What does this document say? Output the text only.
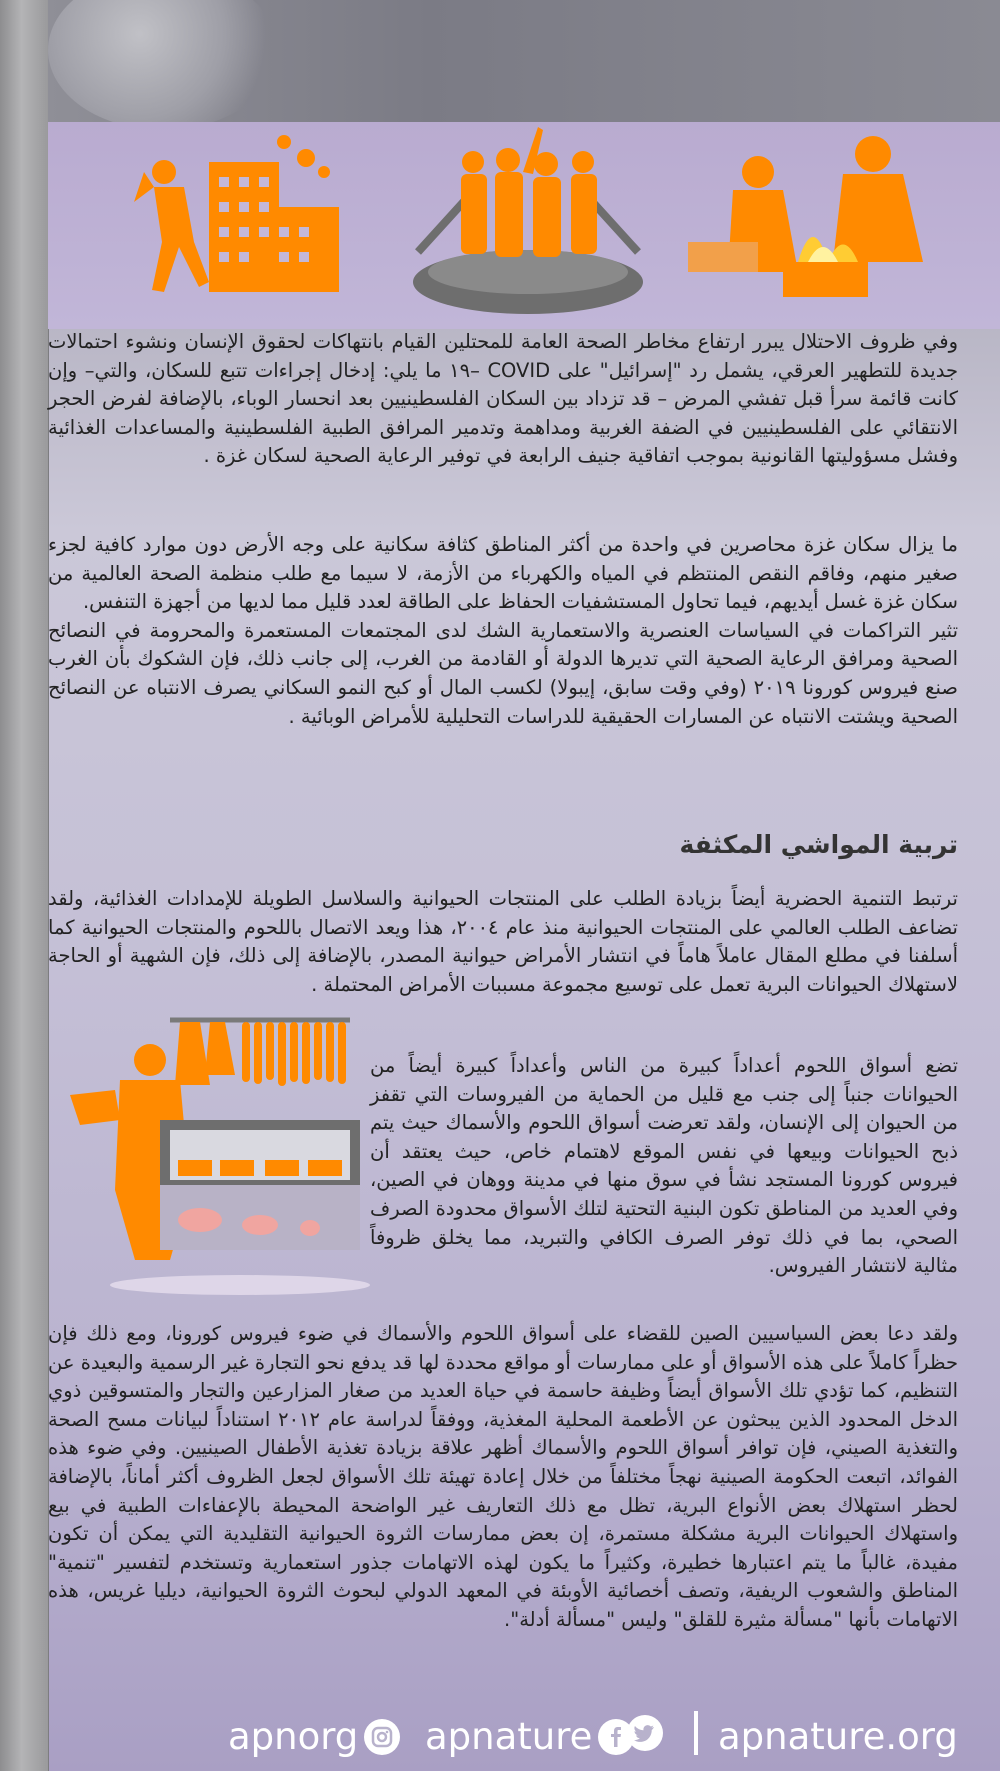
وفي ظروف الاحتلال يبرر ارتفاع مخاطر الصحة العامة للمحتلين القيام بانتهاكات لحقوق الإنسان ونشوء احتمالات جديدة للتطهير العرقي، يشمل رد "إسرائيل" على COVID –١٩ ما يلي: إدخال إجراءات تتبع للسكان، والتي– وإن كانت قائمة سرأ قبل تفشي المرض – قد تزداد بين السكان الفلسطينيين بعد انحسار الوباء، بالإضافة لفرض الحجر الانتقائي على الفلسطينيين في الضفة الغربية ومداهمة وتدمير المرافق الطبية الفلسطينية والمساعدات الغذائية وفشل مسؤوليتها القانونية بموجب اتفاقية جنيف الرابعة في توفير الرعاية الصحية لسكان غزة .

ما يزال سكان غزة محاصرين في واحدة من أكثر المناطق كثافة سكانية على وجه الأرض دون موارد كافية لجزء صغير منهم، وفاقم النقص المنتظم في المياه والكهرباء من الأزمة، لا سيما مع طلب منظمة الصحة العالمية من سكان غزة غسل أيديهم، فيما تحاول المستشفيات الحفاظ على الطاقة لعدد قليل مما لديها من أجهزة التنفس.

تثير التراكمات في السياسات العنصرية والاستعمارية الشك لدى المجتمعات المستعمرة والمحرومة في النصائح الصحية ومرافق الرعاية الصحية التي تديرها الدولة أو القادمة من الغرب، إلى جانب ذلك، فإن الشكوك بأن الغرب صنع فيروس كورونا ٢٠١٩ (وفي وقت سابق، إيبولا) لكسب المال أو كبح النمو السكاني يصرف الانتباه عن النصائح الصحية ويشتت الانتباه عن المسارات الحقيقية للدراسات التحليلية للأمراض الوبائية .

تربية المواشي المكثفة

ترتبط التنمية الحضرية أيضاً بزيادة الطلب على المنتجات الحيوانية والسلاسل الطويلة للإمدادات الغذائية، ولقد تضاعف الطلب العالمي على المنتجات الحيوانية منذ عام ٢٠٠٤، هذا ويعد الاتصال باللحوم والمنتجات الحيوانية كما أسلفنا في مطلع المقال عاملاً هاماً في انتشار الأمراض حيوانية المصدر، بالإضافة إلى ذلك، فإن الشهية أو الحاجة لاستهلاك الحيوانات البرية تعمل على توسيع مجموعة مسببات الأمراض المحتملة .

تضع أسواق اللحوم أعداداً كبيرة من الناس وأعداداً كبيرة أيضاً من الحيوانات جنباً إلى جنب مع قليل من الحماية من الفيروسات التي تقفز من الحيوان إلى الإنسان، ولقد تعرضت أسواق اللحوم والأسماك حيث يتم ذبح الحيوانات وبيعها في نفس الموقع لاهتمام خاص، حيث يعتقد أن فيروس كورونا المستجد نشأ في سوق منها في مدينة ووهان في الصين، وفي العديد من المناطق تكون البنية التحتية لتلك الأسواق محدودة الصرف الصحي، بما في ذلك توفر الصرف الكافي والتبريد، مما يخلق ظروفاً مثالية لانتشار الفيروس.

ولقد دعا بعض السياسيين الصين للقضاء على أسواق اللحوم والأسماك في ضوء فيروس كورونا، ومع ذلك فإن حظراً كاملاً على هذه الأسواق أو على ممارسات أو مواقع محددة لها قد يدفع نحو التجارة غير الرسمية والبعيدة عن التنظيم، كما تؤدي تلك الأسواق أيضاً وظيفة حاسمة في حياة العديد من صغار المزارعين والتجار والمتسوقين ذوي الدخل المحدود الذين يبحثون عن الأطعمة المحلية المغذية، ووفقاً لدراسة عام ٢٠١٢ استناداً لبيانات مسح الصحة والتغذية الصيني، فإن توافر أسواق اللحوم والأسماك أظهر علاقة بزيادة تغذية الأطفال الصينيين. وفي ضوء هذه الفوائد، اتبعت الحكومة الصينية نهجاً مختلفاً من خلال إعادة تهيئة تلك الأسواق لجعل الظروف أكثر أماناً، بالإضافة لحظر استهلاك بعض الأنواع البرية، تظل مع ذلك التعاريف غير الواضحة المحيطة بالإعفاءات الطبية في بيع واستهلاك الحيوانات البرية مشكلة مستمرة، إن بعض ممارسات الثروة الحيوانية التقليدية التي يمكن أن تكون مفيدة، غالباً ما يتم اعتبارها خطيرة، وكثيراً ما يكون لهذه الاتهامات جذور استعمارية وتستخدم لتفسير "تنمية" المناطق والشعوب الريفية، وتصف أخصائية الأوبئة في المعهد الدولي لبحوث الثروة الحيوانية، ديليا غريس، هذه الاتهامات بأنها "مسألة مثيرة للقلق" وليس "مسألة أدلة".

apnorg apnature	apnature.org
